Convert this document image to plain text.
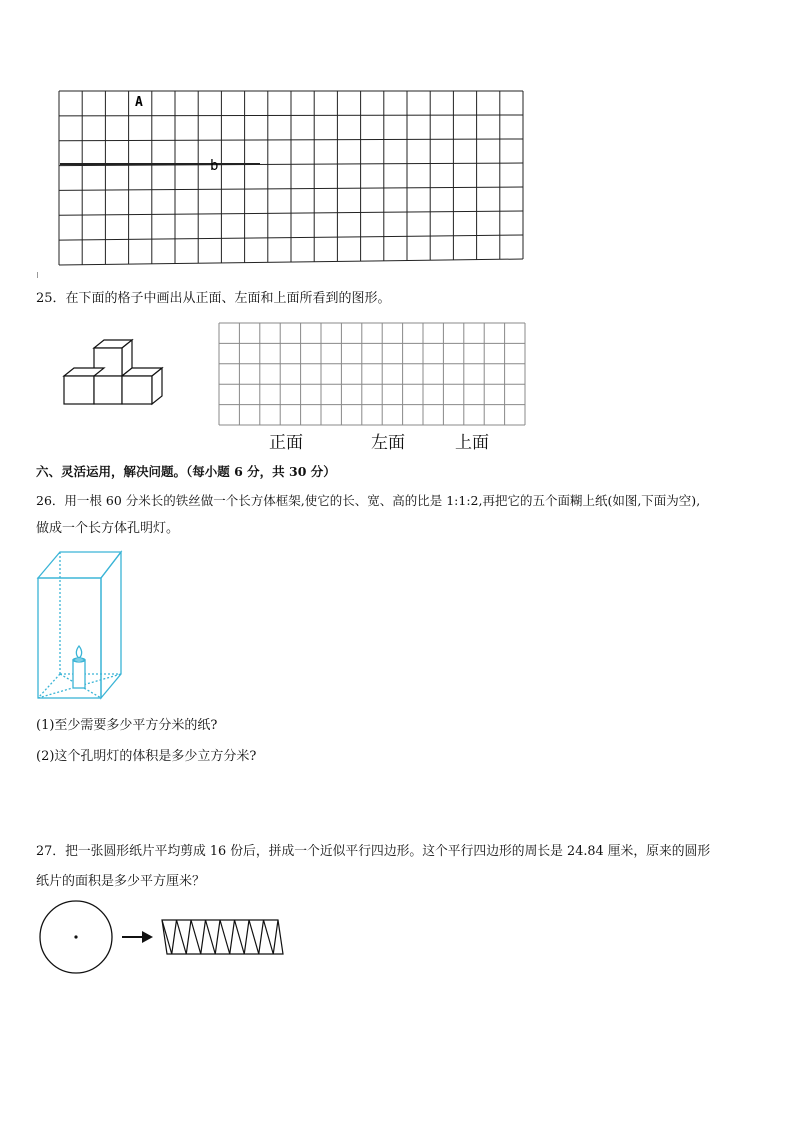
A
b
25．在下面的格子中画出从正面、左面和上面所看到的图形。
正面	左面	上面
六、灵活运用，解决问题。（每小题 6 分，共 30 分）
26．用一根 60 分米长的铁丝做一个长方体框架,使它的长、宽、高的比是 1:1:2,再把它的五个面糊上纸(如图,下面为空),
做成一个长方体孔明灯。
(1)至少需要多少平方分米的纸?
(2)这个孔明灯的体积是多少立方分米?
27．把一张圆形纸片平均剪成 16 份后，拼成一个近似平行四边形。这个平行四边形的周长是 24.84 厘米，原来的圆形
纸片的面积是多少平方厘米？
